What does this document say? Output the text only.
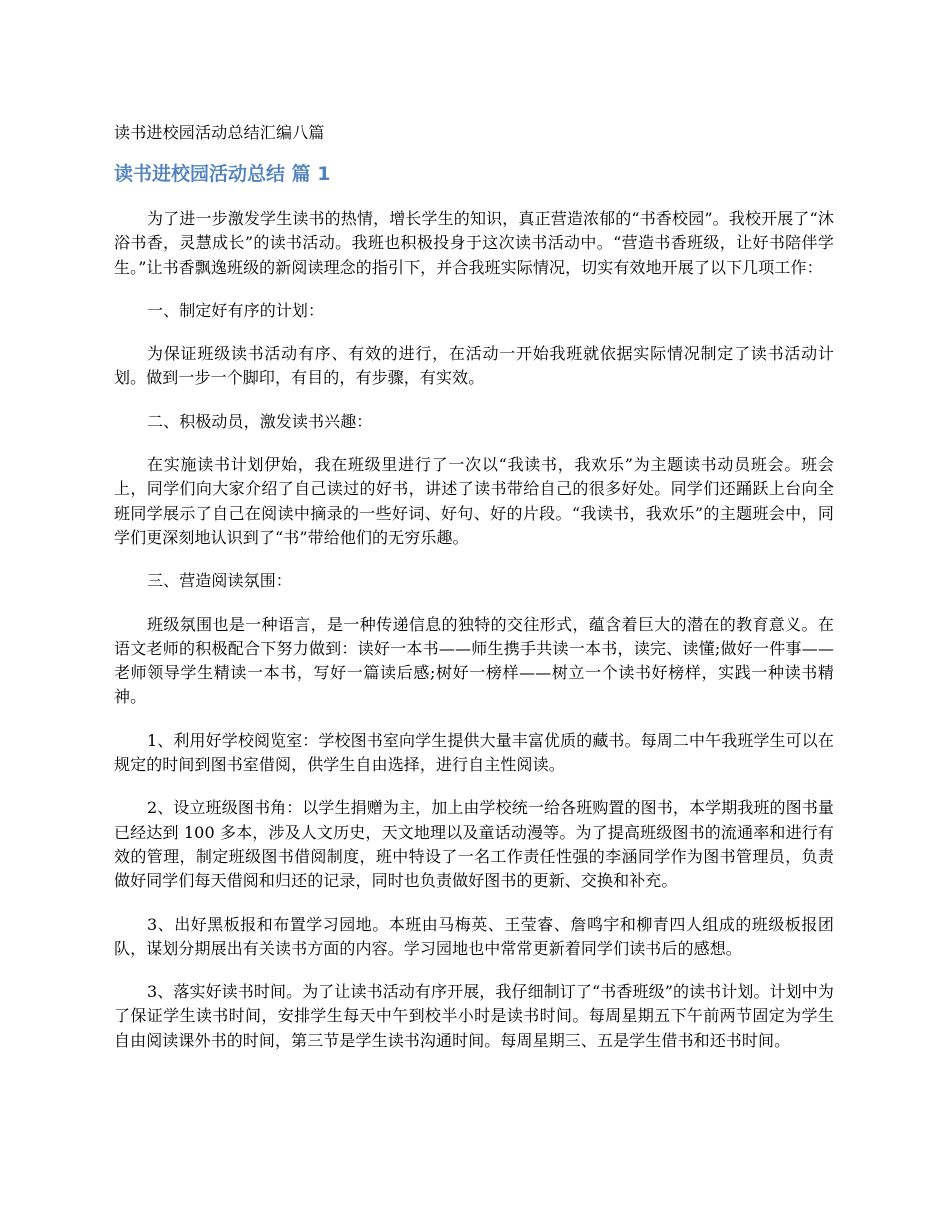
读书进校园活动总结汇编八篇
读书进校园活动总结 篇 1

为了进一步激发学生读书的热情，增长学生的知识，真正营造浓郁的“书香校园”。我校开展了“沐浴书香，灵慧成长”的读书活动。我班也积极投身于这次读书活动中。“营造书香班级，让好书陪伴学生。”让书香飘逸班级的新阅读理念的指引下，并合我班实际情况，切实有效地开展了以下几项工作：

一、制定好有序的计划：

为保证班级读书活动有序、有效的进行，在活动一开始我班就依据实际情况制定了读书活动计划。做到一步一个脚印，有目的，有步骤，有实效。

二、积极动员，激发读书兴趣：

在实施读书计划伊始，我在班级里进行了一次以“我读书，我欢乐”为主题读书动员班会。班会上，同学们向大家介绍了自己读过的好书，讲述了读书带给自己的很多好处。同学们还踊跃上台向全班同学展示了自己在阅读中摘录的一些好词、好句、好的片段。“我读书，我欢乐”的主题班会中，同学们更深刻地认识到了“书”带给他们的无穷乐趣。

三、营造阅读氛围：

班级氛围也是一种语言，是一种传递信息的独特的交往形式，蕴含着巨大的潜在的教育意义。在语文老师的积极配合下努力做到：读好一本书——师生携手共读一本书，读完、读懂;做好一件事——老师领导学生精读一本书，写好一篇读后感;树好一榜样——树立一个读书好榜样，实践一种读书精神。

1、利用好学校阅览室：学校图书室向学生提供大量丰富优质的藏书。每周二中午我班学生可以在规定的时间到图书室借阅，供学生自由选择，进行自主性阅读。

2、设立班级图书角：以学生捐赠为主，加上由学校统一给各班购置的图书，本学期我班的图书量已经达到 100 多本，涉及人文历史，天文地理以及童话动漫等。为了提高班级图书的流通率和进行有效的管理，制定班级图书借阅制度，班中特设了一名工作责任性强的李涵同学作为图书管理员，负责做好同学们每天借阅和归还的记录，同时也负责做好图书的更新、交换和补充。

3、出好黑板报和布置学习园地。本班由马梅英、王莹睿、詹鸣宇和柳青四人组成的班级板报团队，谋划分期展出有关读书方面的内容。学习园地也中常常更新着同学们读书后的感想。

3、落实好读书时间。为了让读书活动有序开展，我仔细制订了“书香班级”的读书计划。计划中为了保证学生读书时间，安排学生每天中午到校半小时是读书时间。每周星期五下午前两节固定为学生自由阅读课外书的时间，第三节是学生读书沟通时间。每周星期三、五是学生借书和还书时间。
